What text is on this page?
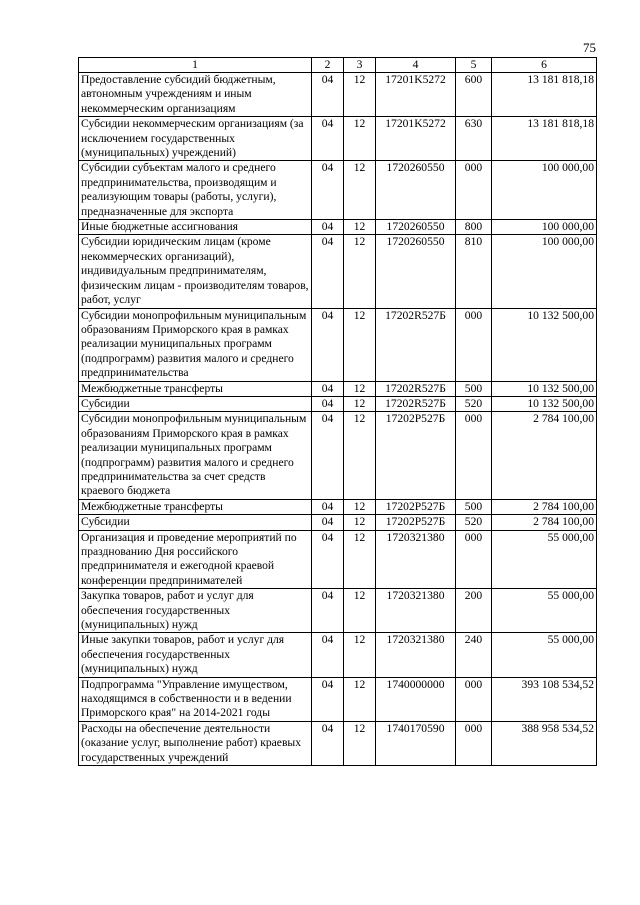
75
1	2	3	4	5	6
Предоставление субсидий бюджетным, автономным учреждениям и иным некоммерческим организациям	04	12	17201K5272	600	13 181 818,18
Субсидии некоммерческим организациям (за исключением государственных (муниципальных) учреждений)	04	12	17201K5272	630	13 181 818,18
Субсидии субъектам малого и среднего предпринимательства, производящим и реализующим товары (работы, услуги), предназначенные для экспорта	04	12	1720260550	000	100 000,00
Иные бюджетные ассигнования	04	12	1720260550	800	100 000,00
Субсидии юридическим лицам (кроме некоммерческих организаций), индивидуальным предпринимателям, физическим лицам - производителям товаров, работ, услуг	04	12	1720260550	810	100 000,00
Субсидии монопрофильным муниципальным образованиям Приморского края в рамках реализации муниципальных программ (подпрограмм) развития малого и среднего предпринимательства	04	12	17202R527Б	000	10 132 500,00
Межбюджетные трансферты	04	12	17202R527Б	500	10 132 500,00
Субсидии	04	12	17202R527Б	520	10 132 500,00
Субсидии монопрофильным муниципальным образованиям Приморского края в рамках реализации муниципальных программ (подпрограмм) развития малого и среднего предпринимательства за счет средств краевого бюджета	04	12	17202P527Б	000	2 784 100,00
Межбюджетные трансферты	04	12	17202P527Б	500	2 784 100,00
Субсидии	04	12	17202P527Б	520	2 784 100,00
Организация и проведение мероприятий по празднованию Дня российского предпринимателя и ежегодной краевой конференции предпринимателей	04	12	1720321380	000	55 000,00
Закупка товаров, работ и услуг для обеспечения государственных (муниципальных) нужд	04	12	1720321380	200	55 000,00
Иные закупки товаров, работ и услуг для обеспечения государственных (муниципальных) нужд	04	12	1720321380	240	55 000,00
Подпрограмма "Управление имуществом, находящимся в собственности и в ведении Приморского края" на 2014-2021 годы	04	12	1740000000	000	393 108 534,52
Расходы на обеспечение деятельности (оказание услуг, выполнение работ) краевых государственных учреждений	04	12	1740170590	000	388 958 534,52
